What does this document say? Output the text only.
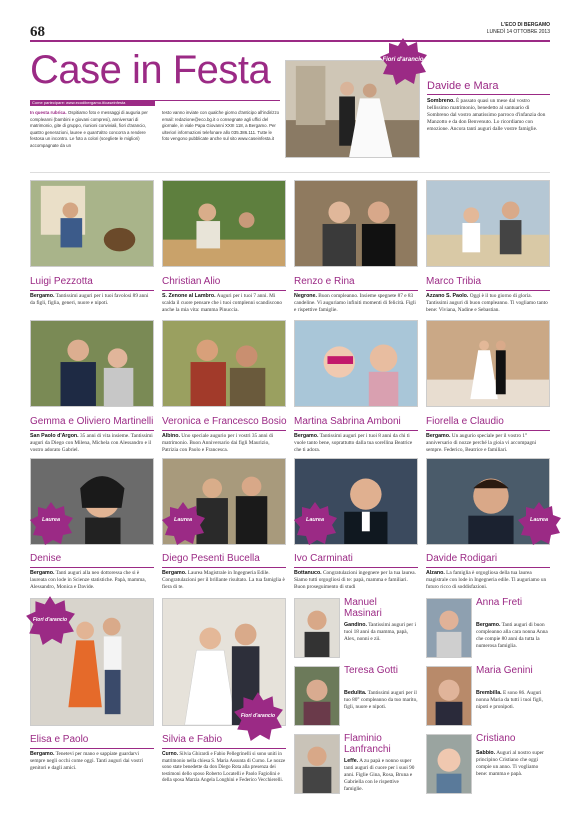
68	L'ECO DI BERGAMO
LUNEDÌ 14 OTTOBRE 2013
Case in Festa
Come partecipare: www.ecodibergamo.it/caseinfesta
In questa rubrica. Ospitiamo foto e messaggi di auguria per compleanni (bambini e giovani compresi), anniversari di matrimonio, gite di gruppo, riunioni conviviali, fiori d'arancio, quattro generazioni, lauree e quant'altro concorra a rendere festosa un incontro. Le foto a colori (scegliete le migliori) accompagnate da un
testo vanno inviate con qualche giorno d'anticipo all'indirizzo email: redazione@eco.bg.it o consegnate agli uffici del giornale, in viale Papa Giovanni XXIII 118, a Bergamo. Per ulteriori informazioni telefonare allo 035.386.111. Tutte le foto vengono pubblicate anche sul sito www.caseinfesta.it
Fiori d'arancio
Davide e Mara
Sombreno. È passato quasi un mese dal vostro bellissimo matrimonio, benedetto al santuario di Sombreno dal vostro amatissimo parroco d'infanzia don Manzotto e da don Benvenuto. Lo ricordiamo con emozione. Ancora tanti auguri dalle vostre famiglie.
Luigi Pezzotta	Christian Alio	Renzo e Rina	Marco Tribia
Bergamo. Tantissimi auguri per i tuoi favolosi 89 anni da figli, figlia, generi, nuore e nipoti.
S. Zenone al Lambro. Auguri per i tuoi 7 anni. Mi scalda il cuore pensare che i tuoi complenni scandiscono anche la mia vita: mamma Pinuccia.
Negrone. Buon compleanno. Insieme spegnete 87 e 83 candeline. Vi auguriamo infiniti momenti di felicità. Figli e rispettive famiglie.
Azzano S. Paolo. Oggi è il tuo giorno di gloria. Tantissimi auguri di buon compleanno. Ti vogliamo tanto bene: Viviana, Nadine e Sebastian.
Gemma e Oliviero Martinelli Veronica e Francesco Bosio Martina Sabrina Amboni	Fiorella e Claudio
San Paolo d'Argon. 35 anni di vita insieme. Tantissimi auguri da Diego con Milena, Michela con Alessandro e il vostro adorato Gabriel.
Albino. Uno speciale augurio per i vostri 35 anni di matrimonio. Buon Anniversario dai figli Maurizio, Patrizia con Paolo e Francesca.
Bergamo. Tantissimi auguri per i tuoi 8 anni da chi ti vuole tanto bene, soprattutto dalla tua sorellina Beatrice che ti adora.
Bergamo. Un augurio speciale per il vostro 1° anniversario di nozze perché la gioia vi accompagni sempre. Federico, Beatrice e familiari.
Laurea	Laurea	Laurea	Laurea
Denise	Diego Pesenti Bucella	Ivo Carminati	Davide Rodigari
Bergamo. Tanti auguri alla neo dottoressa che si è laureata con lode in Scienze statistiche. Papà, mamma, Alessandro, Monica e Davide.
Bergamo. Laurea Magistrale in Ingegneria Edile. Congratulazioni per il brillante risultato. La tua famiglia è fiera di te.
Bottanuco. Congratulazioni ingegnere per la tua laurea. Siamo tutti orgogliosi di te: papà, mamma e familiari. Buon proseguimento di studi
Alzano. La famiglia è orgogliosa della tua laurea magistrale con lode in Ingegneria edile. Ti auguriamo un futuro ricco di soddisfazioni.
Fiori d'arancio
Fiori d'arancio
Elisa e Paolo	Silvia e Fabio
Bergamo. Tenetevi per mano e sappiate guardarvi sempre negli occhi come oggi. Tanti auguri dai vostri genitori e dagli amici.
Curno. Silvia Ghirardi e Fabio Pellegrinelli si sono uniti in matrimonio nella chiesa S. Maria Assunta di Curno. Le nozze sono state benedette da don Diego Rota alla presenza dei testimoni dello sposo Roberto Locatelli e Paolo Fagiolini e della sposa Marzia Angela Longhini e Federico Vecchierelli.
Manuel Masinari
Gandino. Tantissimi auguri per i tuoi 18 anni da mamma, papà, Alex, nonni e zii.
Anna Freti
Bergamo. Tanti auguri di buon compleanno alla cara nonna Anna che compie 80 anni da tutta la numerosa famiglia.
Teresa Gotti
Bedulita. Tantissimi auguri per il tuo 80° compleanno da tuo marito, figli, nuore e nipoti.
Maria Genini
Brembilla. E sono 86. Auguri nonna Maria da tutti i tuoi figli, nipoti e pronipoti.
Flaminio Lanfranchi
Leffe. A zu papà e nonno super tanti auguri di cuore per i suoi 90 anni. Figlie Gina, Rosa, Bruna e Gabriella con le rispettive famiglie.
Cristiano
Sabbio. Auguri al nostro super principino Cristiano che oggi compie un anno. Ti vogliamo bene: mamma e papà.
